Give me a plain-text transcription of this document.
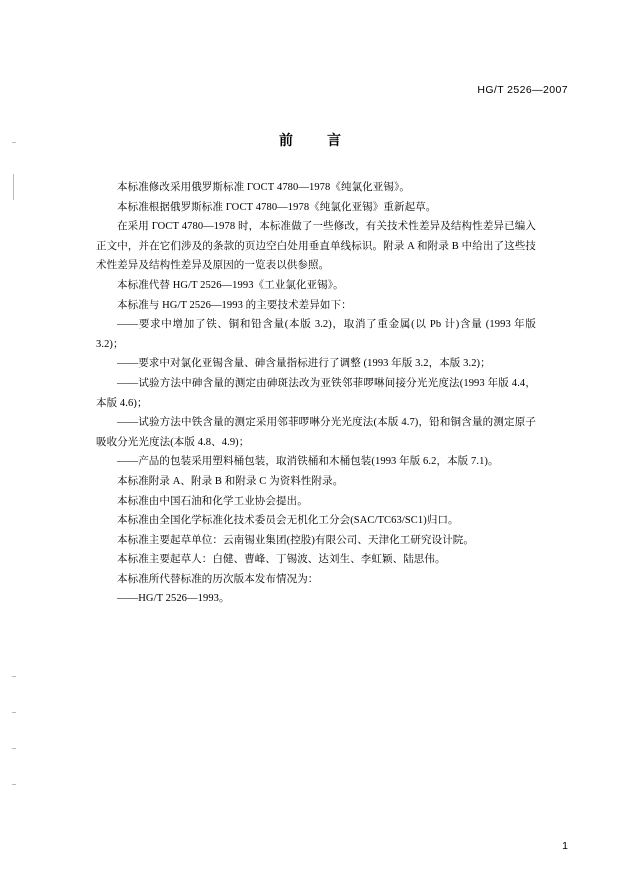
HG/T 2526—2007
前　言

本标准修改采用俄罗斯标准 ГОСТ 4780—1978《纯氯化亚锡》。

本标准根据俄罗斯标准 ГОСТ 4780—1978《纯氯化亚锡》重新起草。

在采用 ГОСТ 4780—1978 时，本标准做了一些修改，有关技术性差异及结构性差异已编入正文中，并在它们涉及的条款的页边空白处用垂直单线标识。附录 A 和附录 B 中给出了这些技术性差异及结构性差异及原因的一览表以供参照。

本标准代替 HG/T 2526—1993《工业氯化亚锡》。

本标准与 HG/T 2526—1993 的主要技术差异如下：

——要求中增加了铁、铜和铅含量(本版 3.2)，取消了重金属(以 Pb 计)含量 (1993 年版 3.2)；

——要求中对氯化亚锡含量、砷含量指标进行了调整 (1993 年版 3.2，本版 3.2)；

——试验方法中砷含量的测定由砷斑法改为亚铁邻菲啰啉间接分光光度法(1993 年版 4.4，本版 4.6)；

——试验方法中铁含量的测定采用邻菲啰啉分光光度法(本版 4.7)，铅和铜含量的测定原子吸收分光光度法(本版 4.8、4.9)；

——产品的包装采用塑料桶包装，取消铁桶和木桶包装(1993 年版 6.2，本版 7.1)。

本标准附录 A、附录 B 和附录 C 为资料性附录。

本标准由中国石油和化学工业协会提出。

本标准由全国化学标准化技术委员会无机化工分会(SAC/TC63/SC1)归口。

本标准主要起草单位：云南锡业集团(控股)有限公司、天津化工研究设计院。

本标准主要起草人：白健、曹峰、丁锡波、达刘生、李虹颖、陆思伟。

本标准所代替标准的历次版本发布情况为：

——HG/T 2526—1993。

1
